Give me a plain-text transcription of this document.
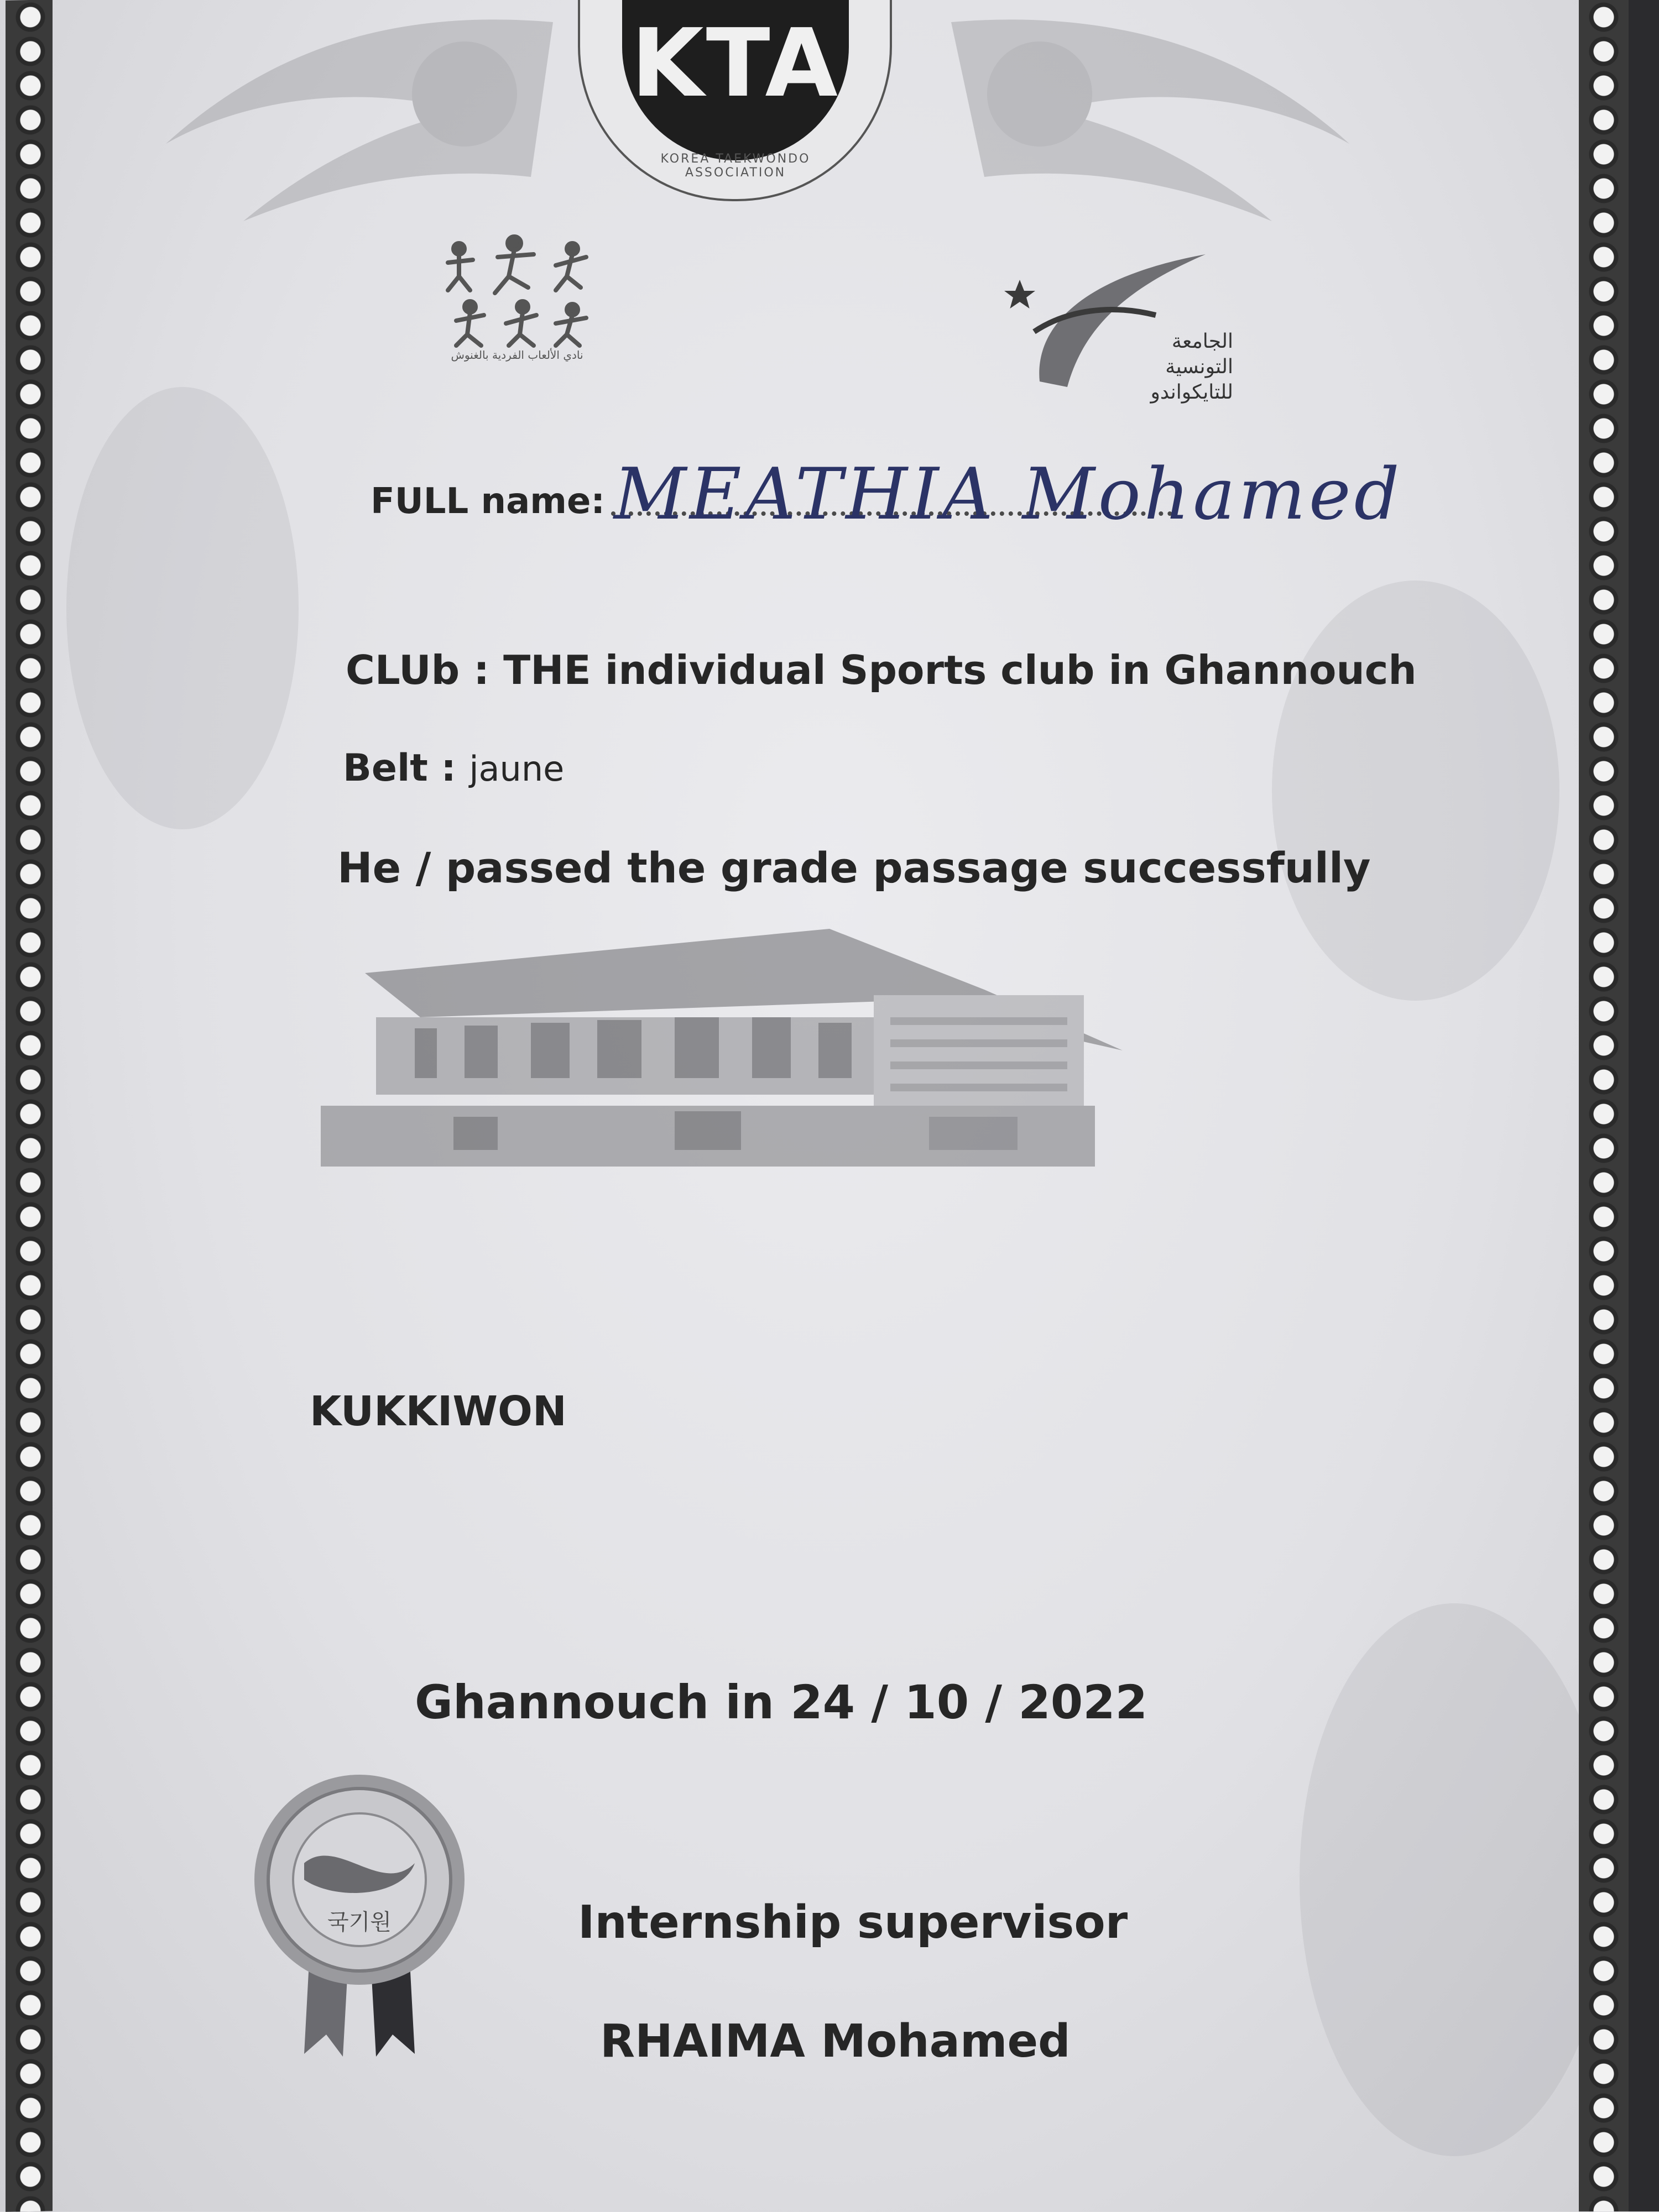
KTA
KOREA TAEKWONDO ASSOCIATION
نادي الألعاب الفردية بالغنوش
الجامعة
التونسية
للتايكواندو
FULL name: MEATHIA Mohamed
CLUb : THE individual Sports club in Ghannouch
Belt : jaune
He / passed the grade passage successfully
KUKKIWON
Ghannouch in 24 / 10 / 2022
국기원	Internship supervisor
RHAIMA Mohamed
